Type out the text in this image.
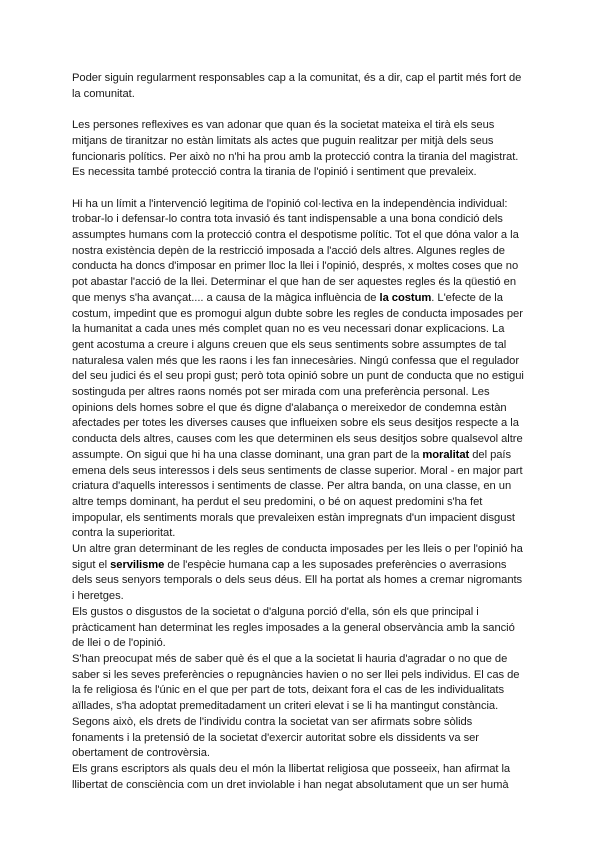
Poder siguin regularment responsables cap a la comunitat, és a dir, cap el partit més fort de
la comunitat.
Les persones reflexives es van adonar que quan és la societat mateixa el tirà els seus
mitjans de tiranitzar no estàn limitats als actes que puguin realitzar per mitjà dels seus
funcionaris polítics. Per això no n'hi ha prou amb la protecció contra la tirania del magistrat.
Es necessita també protecció contra la tirania de l'opinió i sentiment que prevaleix.
Hi ha un límit a l'intervenció legitima de l'opinió col·lectiva en la independència individual:
trobar-lo i defensar-lo contra tota invasió és tant indispensable a una bona condició dels
assumptes humans com la protecció contra el despotisme polític. Tot el que dóna valor a la
nostra existència depèn de la restricció imposada a l'acció dels altres. Algunes regles de
conducta ha doncs d'imposar en primer lloc la llei i l'opinió, després, x moltes coses que no
pot abastar l'acció de la llei. Determinar el que han de ser aquestes regles és la qüestió en
que menys s'ha avançat.... a causa de la màgica influència de la costum. L'efecte de la
costum, impedint que es promogui algun dubte sobre les regles de conducta imposades per
la humanitat a cada unes més complet quan no es veu necessari donar explicacions. La
gent acostuma a creure i alguns creuen que els seus sentiments sobre assumptes de tal
naturalesa valen més que les raons i les fan innecesàries. Ningú confessa que el regulador
del seu judici és el seu propi gust; però tota opinió sobre un punt de conducta que no estigui
sostinguda per altres raons només pot ser mirada com una preferència personal. Les
opinions dels homes sobre el que és digne d'alabança o mereixedor de condemna estàn
afectades per totes les diverses causes que influeixen sobre els seus desitjos respecte a la
conducta dels altres, causes com les que determinen els seus desitjos sobre qualsevol altre
assumpte. On sigui que hi ha una classe dominant, una gran part de la moralitat del país
emena dels seus interessos i dels seus sentiments de classe superior. Moral - en major part
criatura d'aquells interessos i sentiments de classe. Per altra banda, on una classe, en un
altre temps dominant, ha perdut el seu predomini, o bé on aquest predomini s'ha fet
impopular, els sentiments morals que prevaleixen estàn impregnats d'un impacient disgust
contra la superioritat.
Un altre gran determinant de les regles de conducta imposades per les lleis o per l'opinió ha
sigut el servilisme de l'espècie humana cap a les suposades preferències o averrasions
dels seus senyors temporals o dels seus déus. Ell ha portat als homes a cremar nigromants
i heretges.
Els gustos o disgustos de la societat o d'alguna porció d'ella, són els que principal i
pràcticament han determinat les regles imposades a la general observància amb la sanció
de llei o de l'opinió.
S'han preocupat més de saber què és el que a la societat li hauria d'agradar o no que de
saber si les seves preferències o repugnàncies havien o no ser llei pels individus. El cas de
la fe religiosa és l'únic en el que per part de tots, deixant fora el cas de les individualitats
aïllades, s'ha adoptat premeditadament un criteri elevat i se li ha mantingut constància.
Segons això, els drets de l'individu contra la societat van ser afirmats sobre sòlids
fonaments i la pretensió de la societat d'exercir autoritat sobre els dissidents va ser
obertament de controvèrsia.
Els grans escriptors als quals deu el món la llibertat religiosa que posseeix, han afirmat la
llibertat de consciència com un dret inviolable i han negat absolutament que un ser humà
